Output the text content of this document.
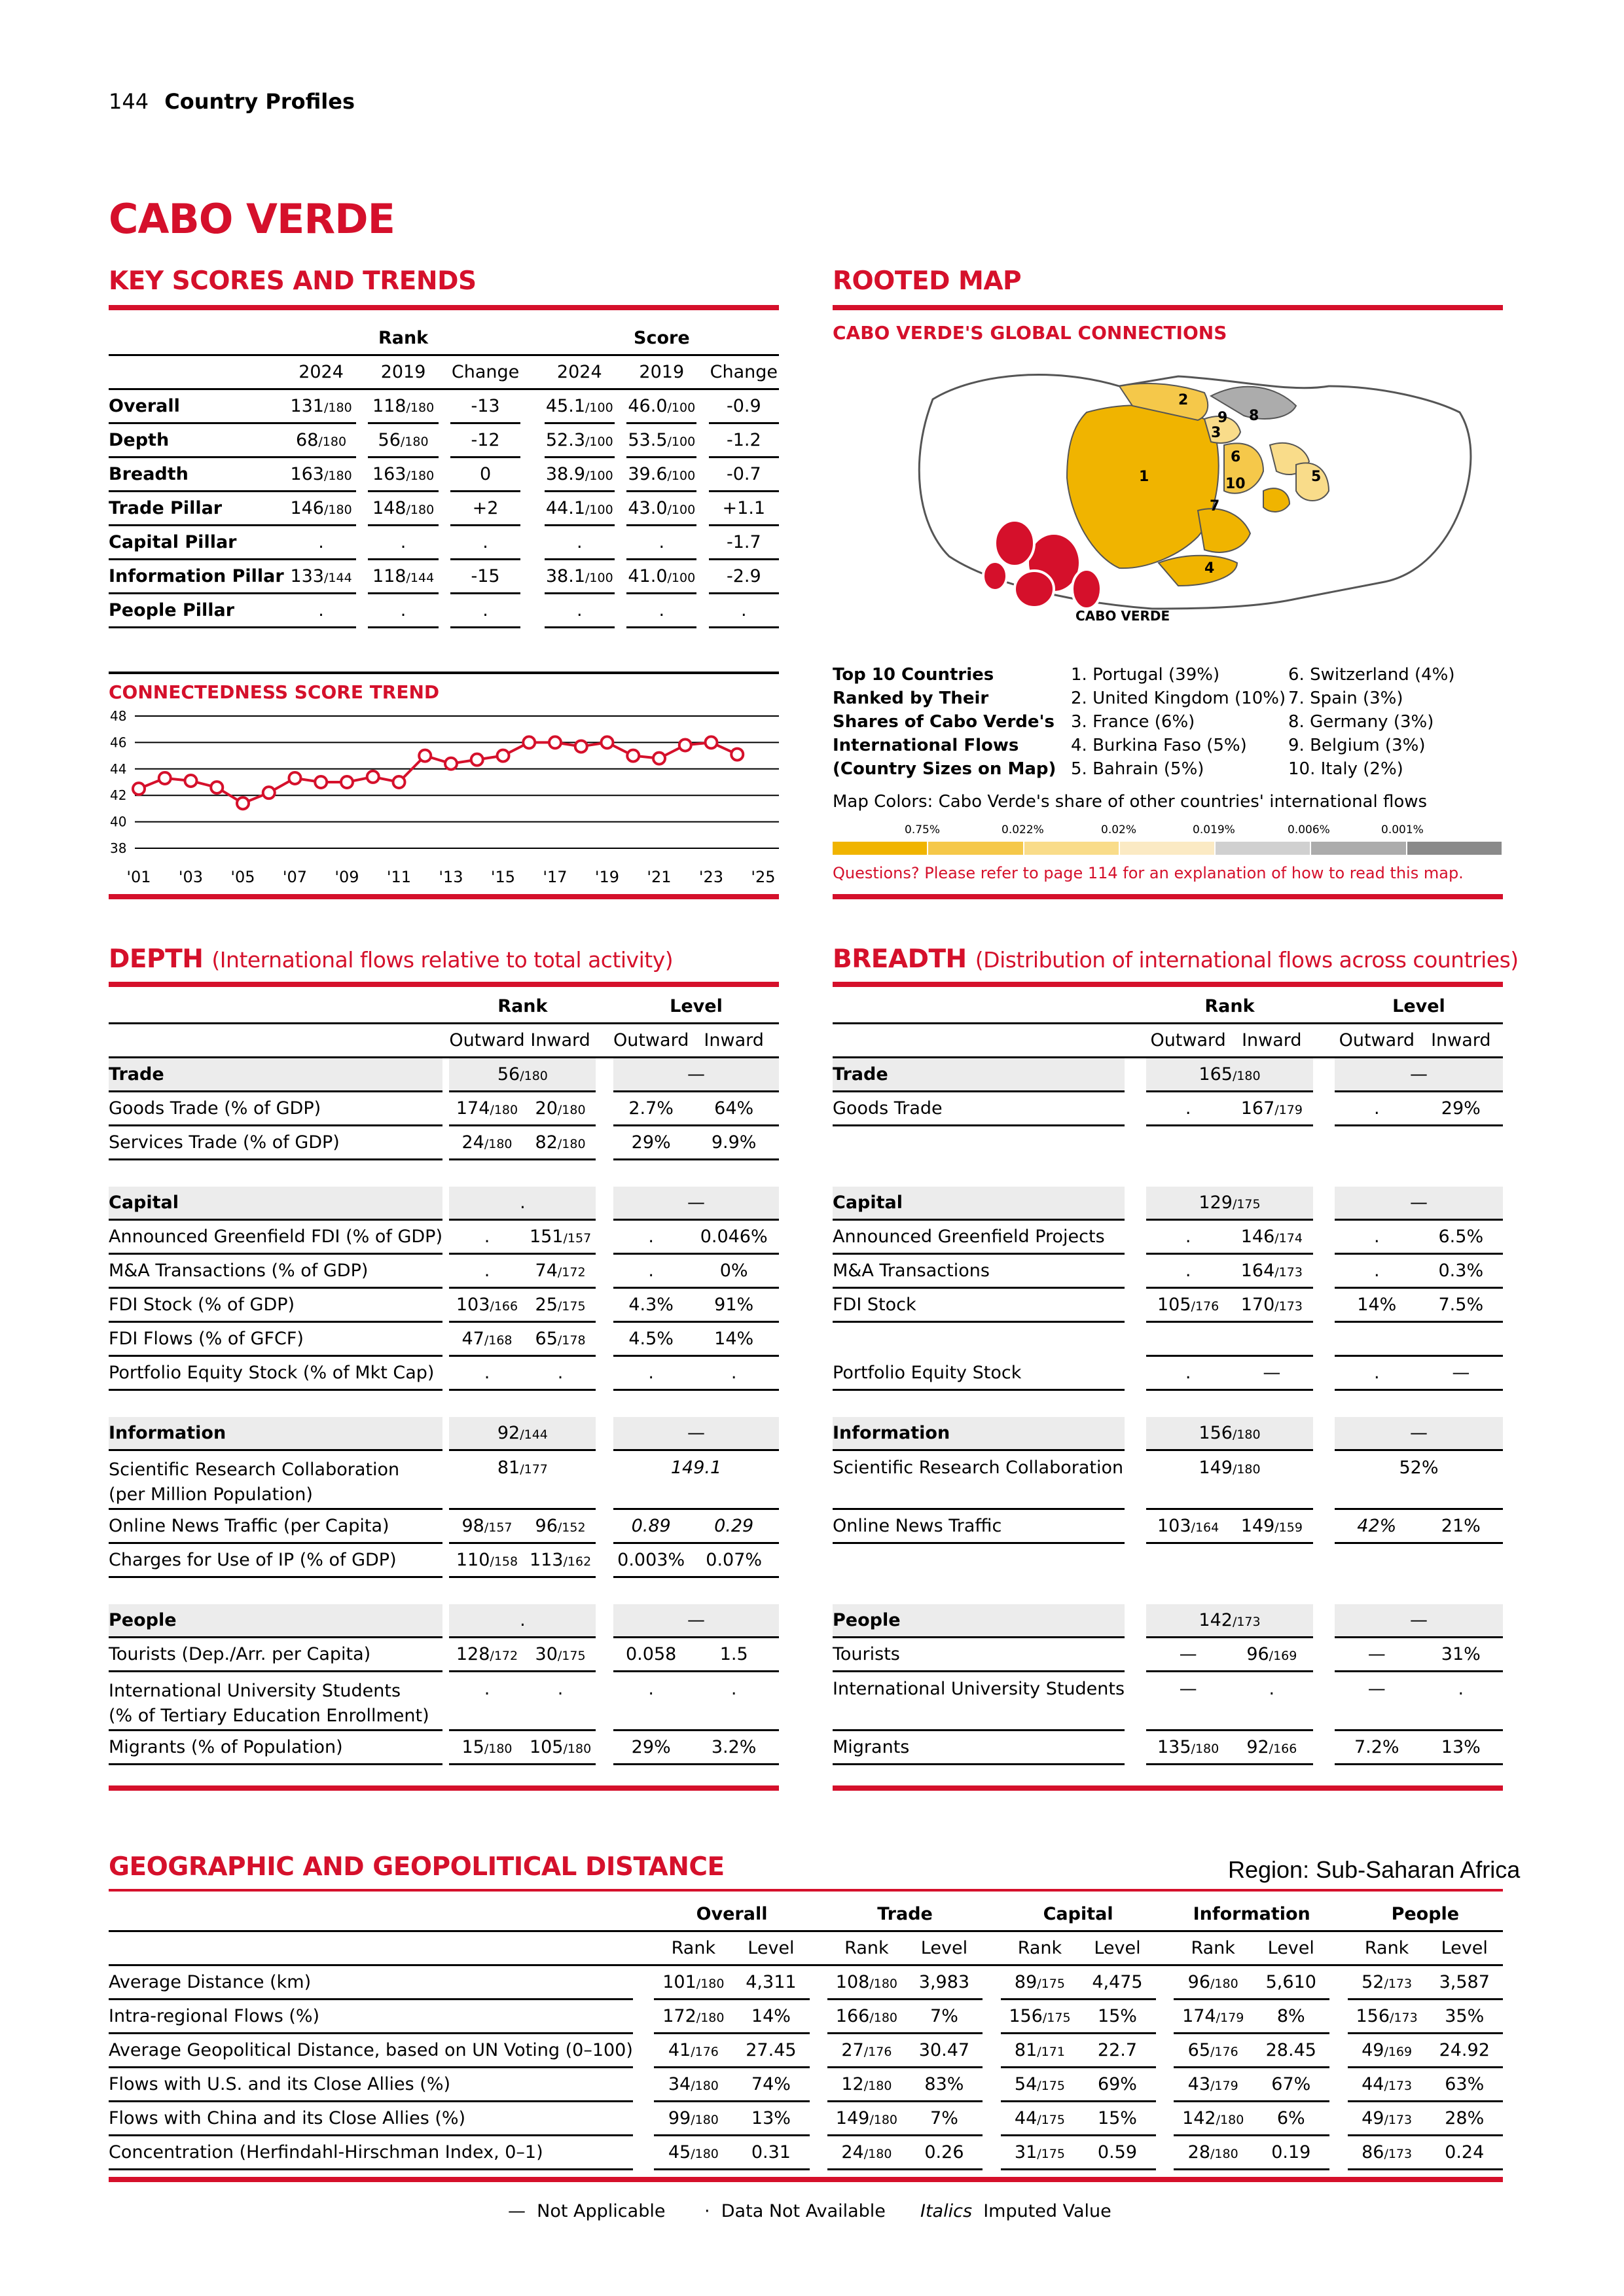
144 Country Profiles
CABO VERDE
KEY SCORES AND TRENDS
	Rank						Score				
	2024		2019		Change		2024		2019		Change
Overall	131/180		118/180		-13		45.1/100		46.0/100		-0.9
Depth	68/180		56/180		-12		52.3/100		53.5/100		-1.2
Breadth	163/180		163/180		0		38.9/100		39.6/100		-0.7
Trade Pillar	146/180		148/180		+2		44.1/100		43.0/100		+1.1
Capital Pillar	.		.		.		.		.		-1.7
Information Pillar	133/144		118/144		-15		38.1/100		41.0/100		-2.9
People Pillar	.		.		.		.		.		.
CONNECTEDNESS SCORE TREND
48
46
44
42
40
38
'01 '03 '05 '07 '09 '11 '13 '15 '17 '19 '21 '23 '25
ROOTED MAP
CABO VERDE'S GLOBAL CONNECTIONS
1
2
3
4
5
6
7
8
9
10
CABO VERDE
Top 10 Countries
Ranked by Their
Shares of Cabo Verde's
International Flows
(Country Sizes on Map)
1. Portugal (39%)
2. United Kingdom (10%)
3. France (6%)
4. Burkina Faso (5%)
5. Bahrain (5%)
6. Switzerland (4%)
7. Spain (3%)
8. Germany (3%)
9. Belgium (3%)
10. Italy (2%)
Map Colors: Cabo Verde's share of other countries' international flows
0.75%	0.022%	0.02%	0.019%	0.006%	0.001%
Questions? Please refer to page 114 for an explanation of how to read this map.
DEPTH (International flows relative to total activity)
		Rank			Level	
		Outward	Inward		Outward	Inward
Trade		56/180			—	
Goods Trade (% of GDP)		174/180	20/180		2.7%	64%
Services Trade (% of GDP)		24/180	82/180		29%	9.9%

Capital		.			—	
Announced Greenfield FDI (% of GDP)		.	151/157		.	0.046%
M&A Transactions (% of GDP)		.	74/172		.	0%
FDI Stock (% of GDP)		103/166	25/175		4.3%	91%
FDI Flows (% of GFCF)		47/168	65/178		4.5%	14%
Portfolio Equity Stock (% of Mkt Cap)		.	.		.	.

Information		92/144			—	
Scientific Research Collaboration
(per Million Population)		81/177			149.1	
Online News Traffic (per Capita)		98/157	96/152		0.89	0.29
Charges for Use of IP (% of GDP)		110/158	113/162		0.003%	0.07%

People		.			—	
Tourists (Dep./Arr. per Capita)		128/172	30/175		0.058	1.5
International University Students
(% of Tertiary Education Enrollment)		.	.		.	.
Migrants (% of Population)		15/180	105/180		29%	3.2%
BREADTH (Distribution of international flows across countries)
		Rank			Level	
		Outward	Inward		Outward	Inward
Trade		165/180			—	
Goods Trade		.	167/179		.	29%

Capital		129/175			—	
Announced Greenfield Projects		.	146/174		.	6.5%
M&A Transactions		.	164/173		.	0.3%
FDI Stock		105/176	170/173		14%	7.5%

Portfolio Equity Stock		.	—		.	—

Information		156/180			—	
Scientific Research Collaboration		149/180			52%	
Online News Traffic		103/164	149/159		42%	21%

People		142/173			—	
Tourists		—	96/169		—	31%
International University Students		—	.		—	.
Migrants		135/180	92/166		7.2%	13%
GEOGRAPHIC AND GEOPOLITICAL DISTANCE	Region: Sub-Saharan Africa
		Overall			Trade			Capital			Information			People	
		Rank	Level		Rank	Level		Rank	Level		Rank	Level		Rank	Level
Average Distance (km)		101/180	4,311		108/180	3,983		89/175	4,475		96/180	5,610		52/173	3,587
Intra-regional Flows (%)		172/180	14%		166/180	7%		156/175	15%		174/179	8%		156/173	35%
Average Geopolitical Distance, based on UN Voting (0–100)		41/176	27.45		27/176	30.47		81/171	22.7		65/176	28.45		49/169	24.92
Flows with U.S. and its Close Allies (%)		34/180	74%		12/180	83%		54/175	69%		43/179	67%		44/173	63%
Flows with China and its Close Allies (%)		99/180	13%		149/180	7%		44/175	15%		142/180	6%		49/173	28%
Concentration (Herfindahl-Hirschman Index, 0–1)		45/180	0.31		24/180	0.26		31/175	0.59		28/180	0.19		86/173	0.24
— Not Applicable · Data Not Available Italics Imputed Value
